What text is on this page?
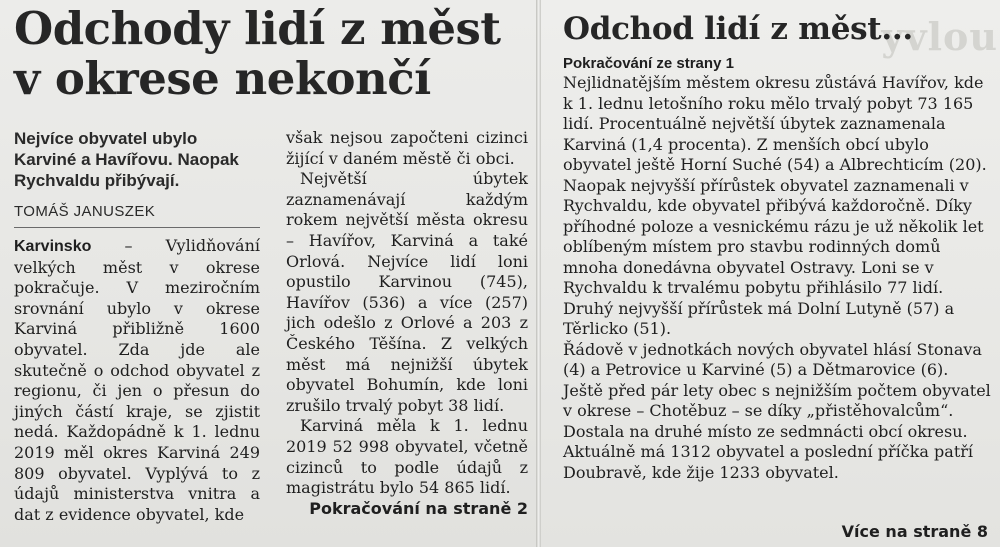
Odchody lidí z měst v okrese nekončí

Nejvíce obyvatel ubylo Karviné a Havířovu. Naopak Rychvaldu přibývají.

TOMÁŠ JANUSZEK

Karvinsko – Vylidňování velkých měst v okrese pokračuje. V meziročním srovnání ubylo v okrese Karviná přibližně 1600 obyvatel. Zda jde ale skutečně o odchod obyvatel z regionu, či jen o přesun do jiných částí kraje, se zjistit nedá. Každopádně k 1. lednu 2019 měl okres Karviná 249 809 obyvatel. Vyplývá to z údajů ministerstva vnitra a dat z evidence obyvatel, kde

však nejsou započteni cizinci žijící v daném městě či obci.

Největší úbytek zaznamenávají každým rokem největší města okresu – Havířov, Karviná a také Orlová. Nejvíce lidí loni opustilo Karvinou (745), Havířov (536) a více (257) jich odešlo z Orlové a 203 z Českého Těšína. Z velkých měst má nejnižší úbytek obyvatel Bohumín, kde loni zrušilo trvalý pobyt 38 lidí.

Karviná měla k 1. lednu 2019 52 998 obyvatel, včetně cizinců to podle údajů z magistrátu bylo 54 865 lidí.

Pokračování na straně 2

yvlou
Odchod lidí z měst...

Pokračování ze strany 1

Nejlidnatějším městem okresu zůstává Havířov, kde k 1. lednu letošního roku mělo trvalý pobyt 73 165 lidí. Procentuálně největší úbytek zaznamenala Karviná (1,4 procenta). Z menších obcí ubylo obyvatel ještě Horní Suché (54) a Albrechticím (20).

Naopak nejvyšší přírůstek obyvatel zaznamenali v Rychvaldu, kde obyvatel přibývá každoročně. Díky příhodné poloze a vesnickému rázu je už několik let oblíbeným místem pro stavbu rodinných domů mnoha donedávna obyvatel Ostravy. Loni se v Rychvaldu k trvalému pobytu přihlásilo 77 lidí. Druhý nejvyšší přírůstek má Dolní Lutyně (57) a Těrlicko (51).

Řádově v jednotkách nových obyvatel hlásí Stonava (4) a Petrovice u Karviné (5) a Dětmarovice (6). Ještě před pár lety obec s nejnižším počtem obyvatel v okrese – Chotěbuz – se díky „přistěhovalcům“. Dostala na druhé místo ze sedmnácti obcí okresu. Aktuálně má 1312 obyvatel a poslední příčka patří Doubravě, kde žije 1233 obyvatel.

Více na straně 8
